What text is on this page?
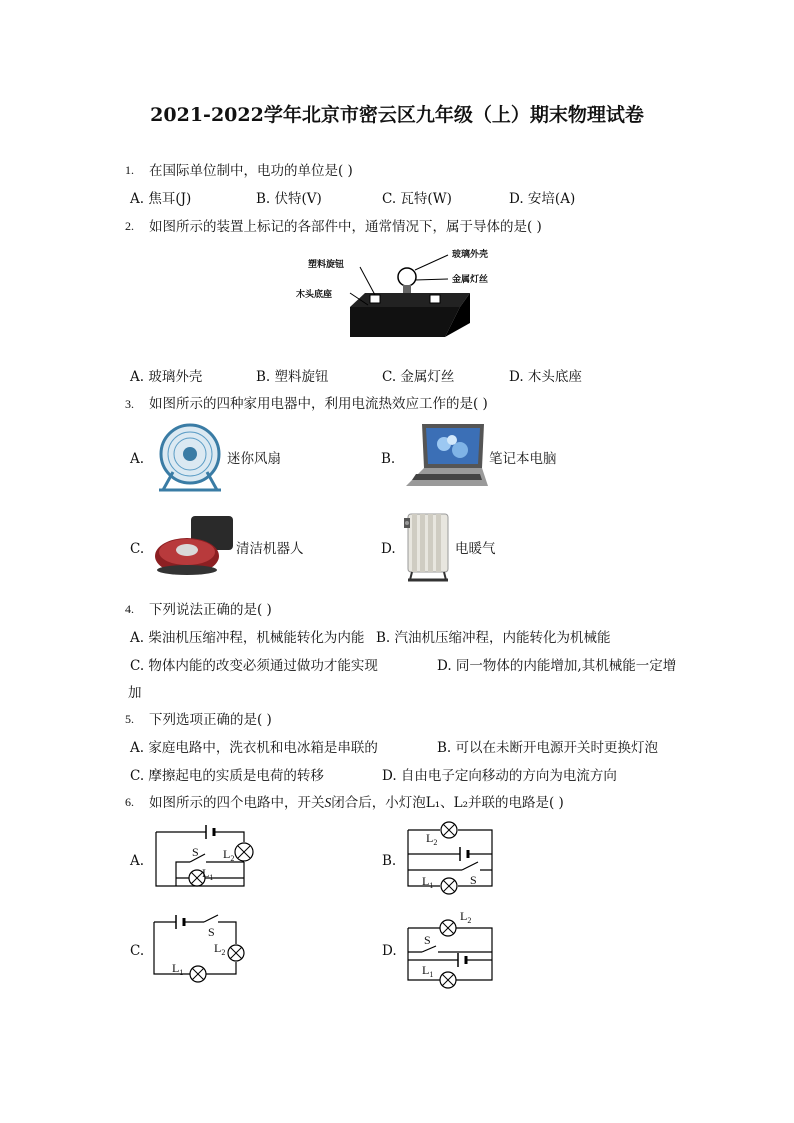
2021-2022学年北京市密云区九年级（上）期末物理试卷
1. 在国际单位制中，电功的单位是( )
A. 焦耳(J)	B. 伏特(V)	C. 瓦特(W)	D. 安培(A)
2. 如图所示的装置上标记的各部件中，通常情况下，属于导体的是( )
塑料旋钮
木头底座
玻璃外壳
金属灯丝
A. 玻璃外壳	B. 塑料旋钮	C. 金属灯丝	D. 木头底座
3. 如图所示的四种家用电器中，利用电流热效应工作的是( )
A.	迷你风扇	B.	笔记本电脑
C.	清洁机器人	D.	电暖气
4. 下列说法正确的是( )
A. 柴油机压缩冲程，机械能转化为内能 B. 汽油机压缩冲程，内能转化为机械能
C. 物体内能的改变必须通过做功才能实现	D. 同一物体的内能增加,其机械能一定增
加
5. 下列选项正确的是( )
A. 家庭电路中，洗衣机和电冰箱是串联的	B. 可以在未断开电源开关时更换灯泡
C. 摩擦起电的实质是电荷的转移	D. 自由电子定向移动的方向为电流方向
6. 如图所示的四个电路中，开关S闭合后，小灯泡L₁、L₂并联的电路是( )
A.	B.
C.	D.
S $L_2$
$L_1$
$L_2$
$L_1$	S
S
$L_2$
$L_1$
$L_2$
S
$L_1$
